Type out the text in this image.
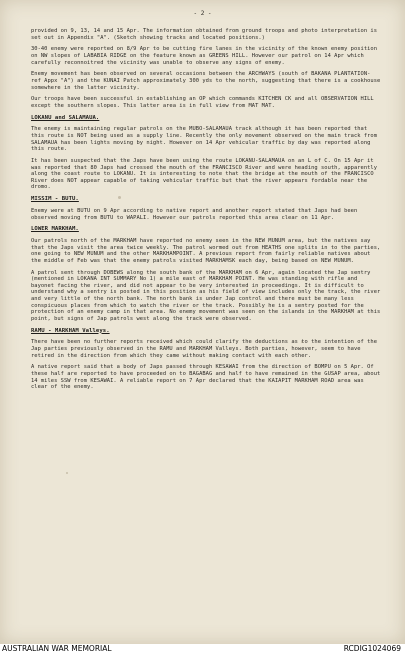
- 2 -

provided on 9, 13, 14 and 15 Apr. The information obtained from ground troops and photo interpretation is set out in Appendix "A". (Sketch showing tracks and located positions.)

30-40 enemy were reported on 8/9 Apr to be cutting fire lanes in the vicinity of the known enemy position on NW slopes of LABABIA RIDGE on the feature known as GREENS HILL. However our patrol on 14 Apr which carefully reconnoitred the vicinity was unable to observe any signs of enemy.

Enemy movement has been observed on several occasions between the ARCHWAYS (south of BAKANA PLANTATION- ref Appx "A") and the KUNAI Patch approximately 300 yds to the north, suggesting that there is a cookhouse somewhere in the latter vicinity.

Our troops have been successful in establishing an OP which commands KITCHEN CK and all OBSERVATION HILL except the southern slopes. This latter area is in full view from MAT MAT.

LOKANU and SALAMAUA.

The enemy is maintaining regular patrols on the MUBO-SALAMAUA track although it has been reported that this route is NOT being used as a supply line. Recently the only movement observed on the main track from SALAMAUA has been lights moving by night. However on 14 Apr vehicular traffic by day was reported along this route.

It has been suspected that the Japs have been using the route LOKANU-SALAMAUA on an L of C. On 15 Apr it was reported that 80 Japs had crossed the mouth of the FRANCISCO River and were heading south, apparently along the coast route to LOKANU. It is interesting to note that the bridge at the mouth of the FRANCISCO River does NOT appear capable of taking vehicular traffic but that the river appears fordable near the dromo.

MISSIM - BUTU.

Enemy were at BUTU on 9 Apr according to native report and another report stated that Japs had been observed moving from BUTU to WAPALI. However our patrols reported this area clear on 11 Apr.

LOWER MARKHAM.

Our patrols north of the MARKHAM have reported no enemy seen in the NEW MUNUM area, but the natives say that the Japs visit the area twice weekly. The patrol wormed out from HEATHS one splits in to the parties, one going to NEW MUNUM and the other MARKHAMPOINT. A previous report from fairly reliable natives about the middle of Feb was that the enemy patrols visited MARKHAMSK each day, being based on NEW MUNUM.

A patrol sent through DOBEWS along the south bank of the MARKHAM on 6 Apr, again located the Jap sentry (mentioned in LOKANA INT SUMMARY No 1) a mile east of MARKHAM POINT. He was standing with rifle and bayonet facing the river, and did not appear to be very interested in proceedings. It is difficult to understand why a sentry is posted in this position as his field of view includes only the track, the river and very little of the north bank. The north bank is under Jap control and there must be many less conspicuous places from which to watch the river or the track. Possibly he is a sentry posted for the protection of an enemy camp in that area. No enemy movement was seen on the islands in the MARKHAM at this point, but signs of Jap patrols west along the track were observed.

RAMU - MARKHAM Valleys.

There have been no further reports received which could clarify the deductions as to the intention of the Jap parties previously observed in the RAMU and MARKHAM Valleys. Both parties, however, seem to have retired in the direction from which they came without making contact with each other.

A native report said that a body of Japs passed through KESAWAI from the direction of BOMPU on 5 Apr. Of these half are reported to have proceeded on to BAGABAG and half to have remained in the GUSAP area, about 14 miles SSW from KESAWAI. A reliable report on 7 Apr declared that the KAIAPIT MARKHAM ROAD area was clear of the enemy.

AUSTRALIAN WAR MEMORIAL	RCDIG1024069
